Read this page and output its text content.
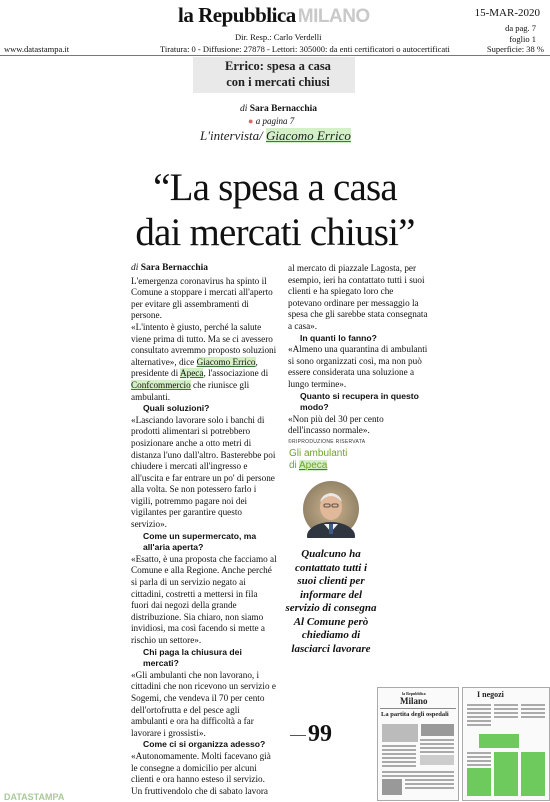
la Repubblica MILANO	15-MAR-2020
da pag. 7
foglio 1
Dir. Resp.: Carlo Verdelli
www.datastampa.it	Tiratura: 0 - Diffusione: 27878 - Lettori: 305000: da enti certificatori o autocertificati	Superficie: 38 %
Errico: spesa a casa
con i mercati chiusi
di Sara Bernacchia
● a pagina 7
L'intervista/ Giacomo Errico
“La spesa a casa
dai mercati chiusi”

di Sara Bernacchia

L'emergenza coronavirus ha spinto il Comune a stoppare i mercati all'aperto per evitare gli assembramenti di persone.

«L'intento è giusto, perché la salute viene prima di tutto. Ma se ci avessero consultato avremmo proposto soluzioni alternative», dice Giacomo Errico, presidente di Apeca, l'associazione di Confcommercio che riunisce gli ambulanti.

Quali soluzioni?

«Lasciando lavorare solo i banchi di prodotti alimentari si potrebbero posizionare anche a otto metri di distanza l'uno dall'altro. Basterebbe poi chiudere i mercati all'ingresso e all'uscita e far entrare un po' di persone alla volta. Se non potessero farlo i vigili, potremmo pagare noi dei vigilantes per garantire questo servizio».

Come un supermercato, ma all'aria aperta?

«Esatto, è una proposta che facciamo al Comune e alla Regione. Anche perché si parla di un servizio negato ai cittadini, costretti a mettersi in fila fuori dai negozi della grande distribuzione. Sia chiaro, non siamo invidiosi, ma così facendo si mette a rischio un settore».

Chi paga la chiusura dei mercati?

«Gli ambulanti che non lavorano, i cittadini che non ricevono un servizio e Sogemi, che vendeva il 70 per cento dell'ortofrutta e del pesce agli ambulanti e ora ha difficoltà a far lavorare i grossisti».

Come ci si organizza adesso?

«Autonomamente. Molti facevano già le consegne a domicilio per alcuni clienti e ora hanno esteso il servizio. Un fruttivendolo che di sabato lavora

al mercato di piazzale Lagosta, per esempio, ieri ha contattato tutti i suoi clienti e ha spiegato loro che potevano ordinare per messaggio la spesa che gli sarebbe stata consegnata a casa».

In quanti lo fanno?

«Almeno una quarantina di ambulanti si sono organizzati così, ma non può essere considerata una soluzione a lungo termine».

Quanto si recupera in questo modo?

«Non più del 30 per cento dell'incasso normale».

©RIPRODUZIONE RISERVATA

Gli ambulanti
di Apeca
Qualcuno ha contattato tutti i suoi clienti per informare del servizio di consegna Al Comune però chiediamo di lasciarci lavorare
99
la Repubblica
Milano
La partita degli ospedali
I negozi
DATASTAMPA
